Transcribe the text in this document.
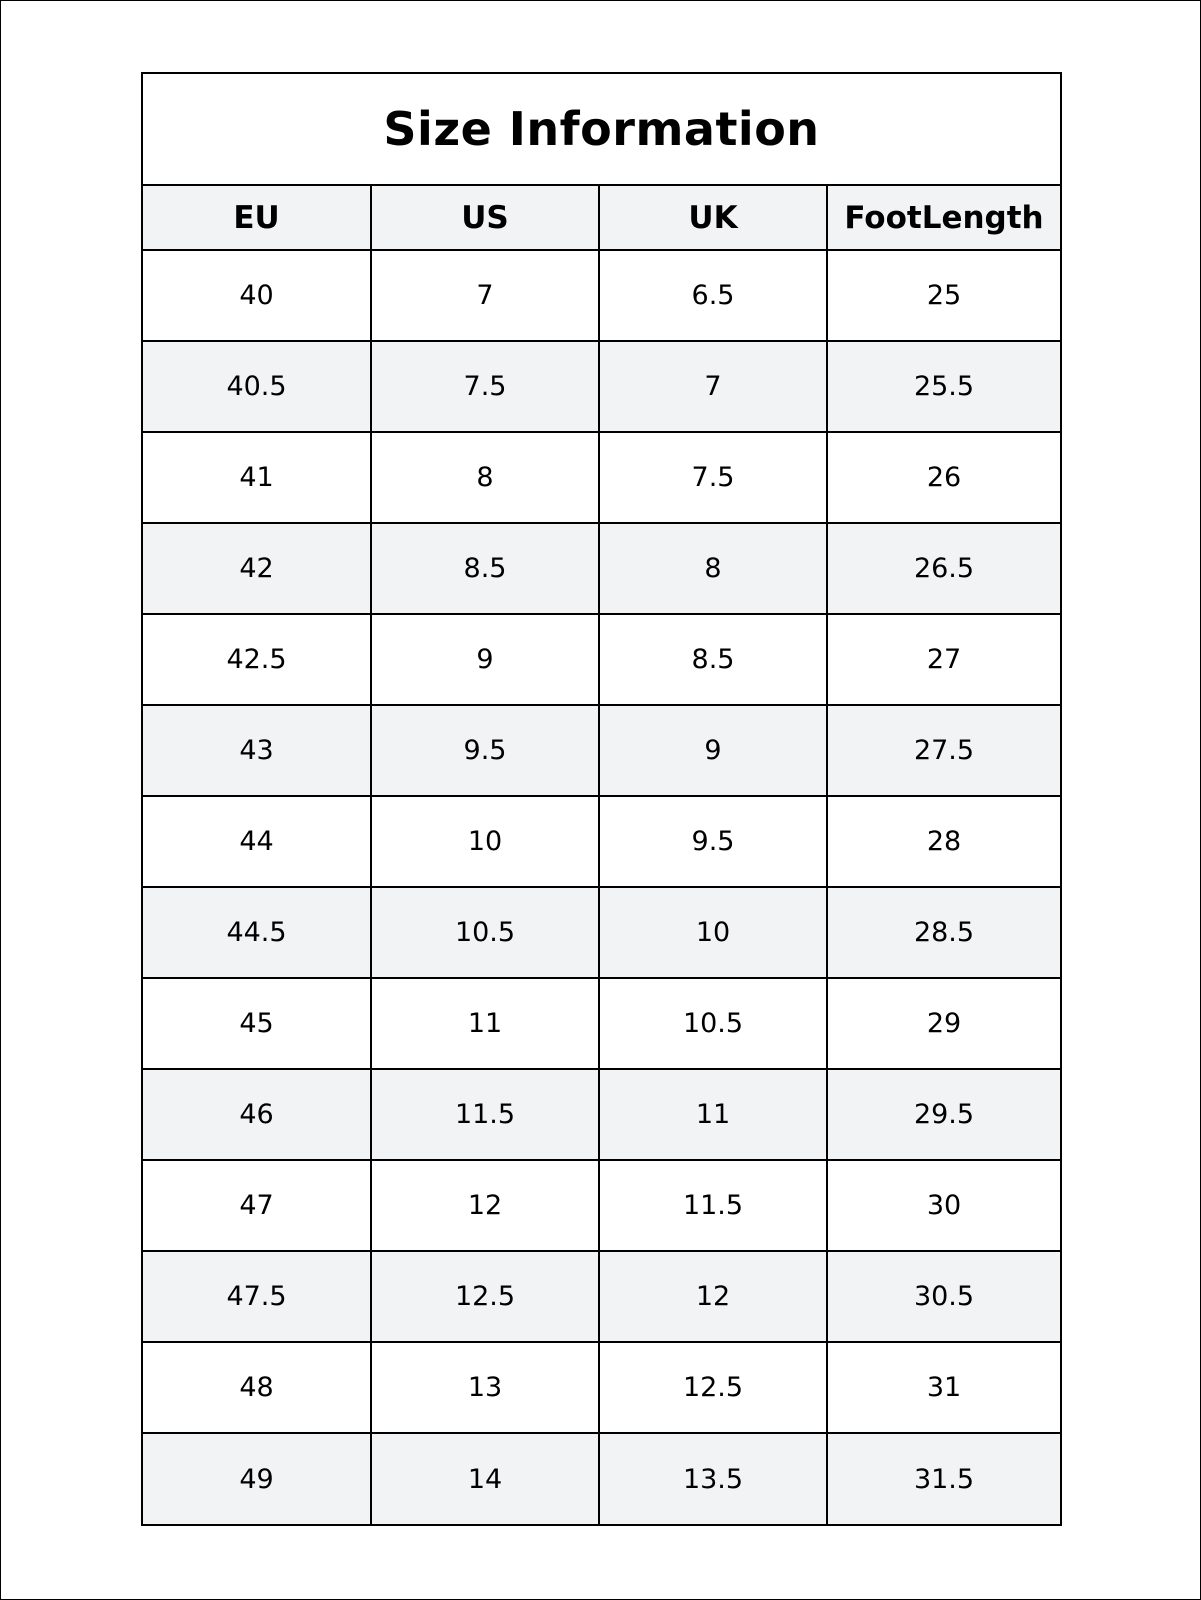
Size Information
EU	US	UK	FootLength
40	7	6.5	25
40.5	7.5	7	25.5
41	8	7.5	26
42	8.5	8	26.5
42.5	9	8.5	27
43	9.5	9	27.5
44	10	9.5	28
44.5	10.5	10	28.5
45	11	10.5	29
46	11.5	11	29.5
47	12	11.5	30
47.5	12.5	12	30.5
48	13	12.5	31
49	14	13.5	31.5
